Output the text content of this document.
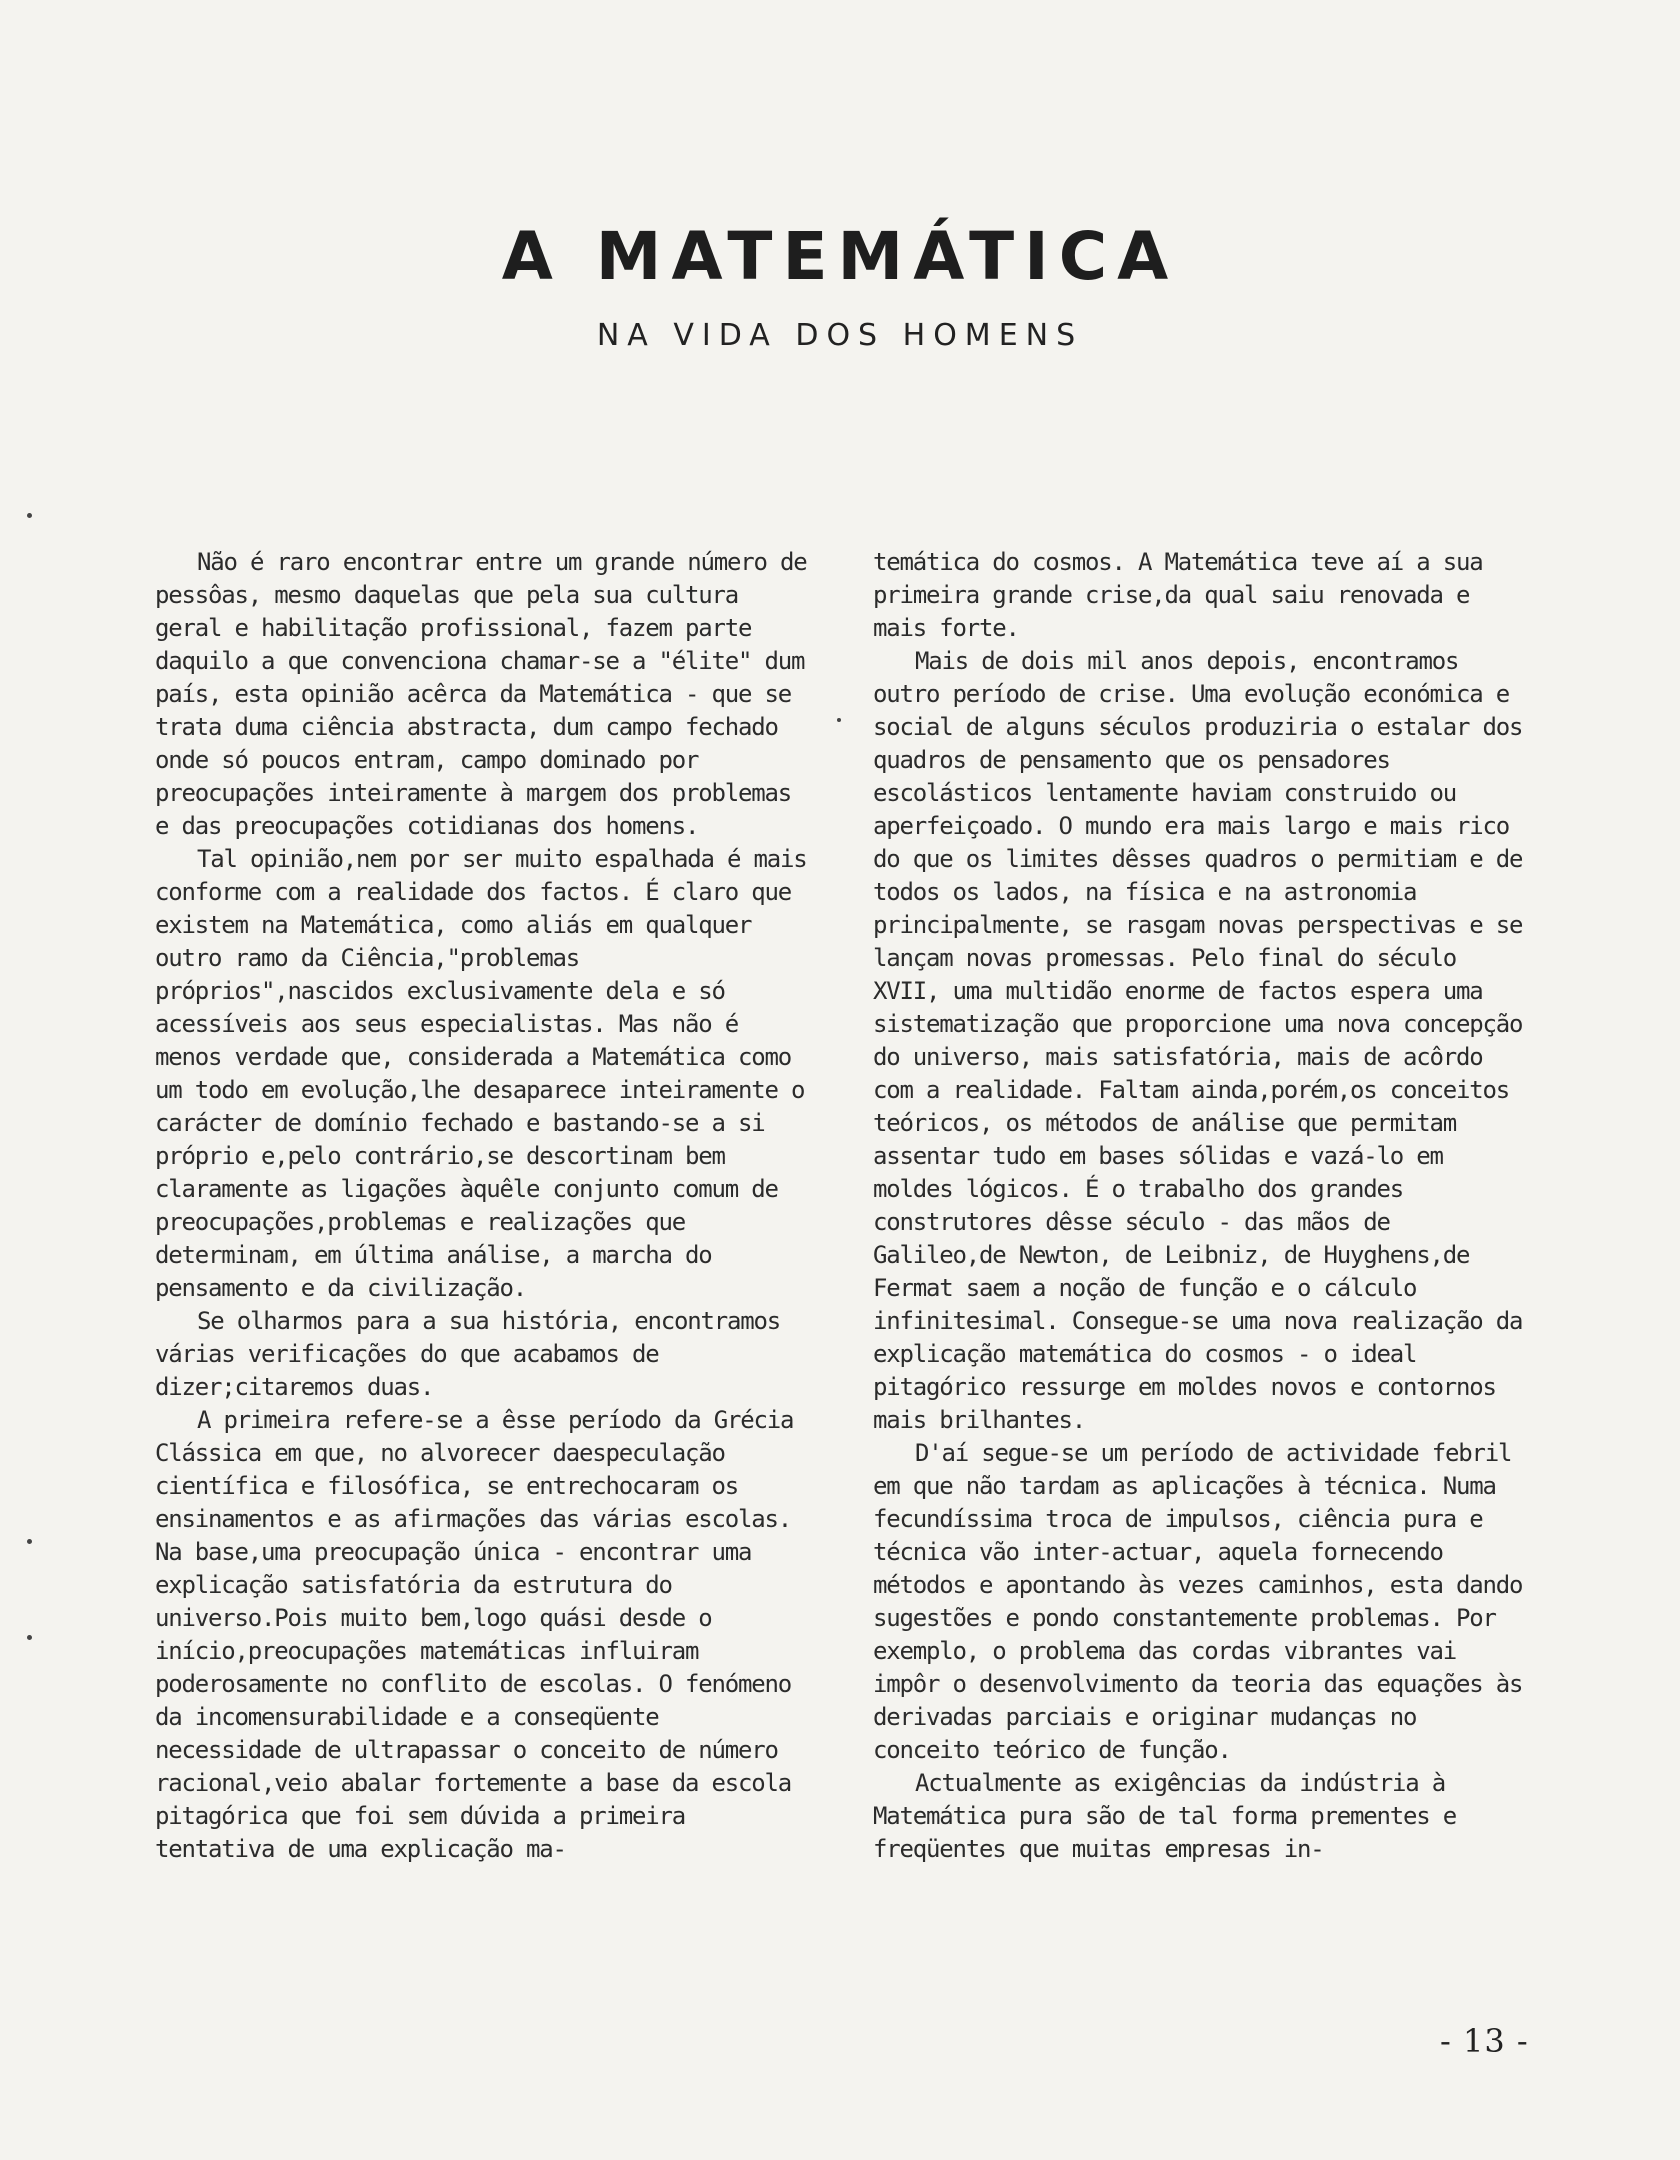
A MATEMÁTICA
NA VIDA DOS HOMENS

Não é raro encontrar entre um grande número de pessôas, mesmo daquelas que pela sua cultura geral e habilitação profissional, fazem parte daquilo a que convenciona chamar-se a "élite" dum país, esta opinião acêrca da Matemática - que se trata duma ciência abstracta, dum campo fechado onde só poucos entram, campo dominado por preocupações inteiramente à margem dos problemas e das preocupações cotidianas dos homens.

Tal opinião,nem por ser muito espalhada é mais conforme com a realidade dos factos. É claro que existem na Matemática, como aliás em qualquer outro ramo da Ciência,"problemas próprios",nascidos exclusivamente dela e só acessíveis aos seus especialistas. Mas não é menos verdade que, considerada a Matemática como um todo em evolução,lhe desaparece inteiramente o carácter de domínio fechado e bastando-se a si próprio e,pelo contrário,se descortinam bem claramente as ligações àquêle conjunto comum de preocupações,problemas e realizações que determinam, em última análise, a marcha do pensamento e da civilização.

Se olharmos para a sua história, encontramos várias verificações do que acabamos de dizer;citaremos duas.

A primeira refere-se a êsse período da Grécia Clássica em que, no alvorecer daespeculação científica e filosófica, se entrechocaram os ensinamentos e as afirmações das várias escolas. Na base,uma preocupação única - encontrar uma explicação satisfatória da estrutura do universo.Pois muito bem,logo quási desde o início,preocupações matemáticas influiram poderosamente no conflito de escolas. O fenómeno da incomensurabilidade e a conseqüente necessidade de ultrapassar o conceito de número racional,veio abalar fortemente a base da escola pitagórica que foi sem dúvida a primeira tentativa de uma explicação ma-

temática do cosmos. A Matemática teve aí a sua primeira grande crise,da qual saiu renovada e mais forte.

Mais de dois mil anos depois, encontramos outro período de crise. Uma evolução económica e social de alguns séculos produziria o estalar dos quadros de pensamento que os pensadores escolásticos lentamente haviam construido ou aperfeiçoado. O mundo era mais largo e mais rico do que os limites dêsses quadros o permitiam e de todos os lados, na física e na astronomia principalmente, se rasgam novas perspectivas e se lançam novas promessas. Pelo final do século XVII, uma multidão enorme de factos espera uma sistematização que proporcione uma nova concepção do universo, mais satisfatória, mais de acôrdo com a realidade. Faltam ainda,porém,os conceitos teóricos, os métodos de análise que permitam assentar tudo em bases sólidas e vazá-lo em moldes lógicos. É o trabalho dos grandes construtores dêsse século - das mãos de Galileo,de Newton, de Leibniz, de Huyghens,de Fermat saem a noção de função e o cálculo infinitesimal. Consegue-se uma nova realização da explicação matemática do cosmos - o ideal pitagórico ressurge em moldes novos e contornos mais brilhantes.

D'aí segue-se um período de actividade febril em que não tardam as aplicações à técnica. Numa fecundíssima troca de impulsos, ciência pura e técnica vão inter-actuar, aquela fornecendo métodos e apontando às vezes caminhos, esta dando sugestões e pondo constantemente problemas. Por exemplo, o problema das cordas vibrantes vai impôr o desenvolvimento da teoria das equações às derivadas parciais e originar mudanças no conceito teórico de função.

Actualmente as exigências da indústria à Matemática pura são de tal forma prementes e freqüentes que muitas empresas in-

- 13 -
